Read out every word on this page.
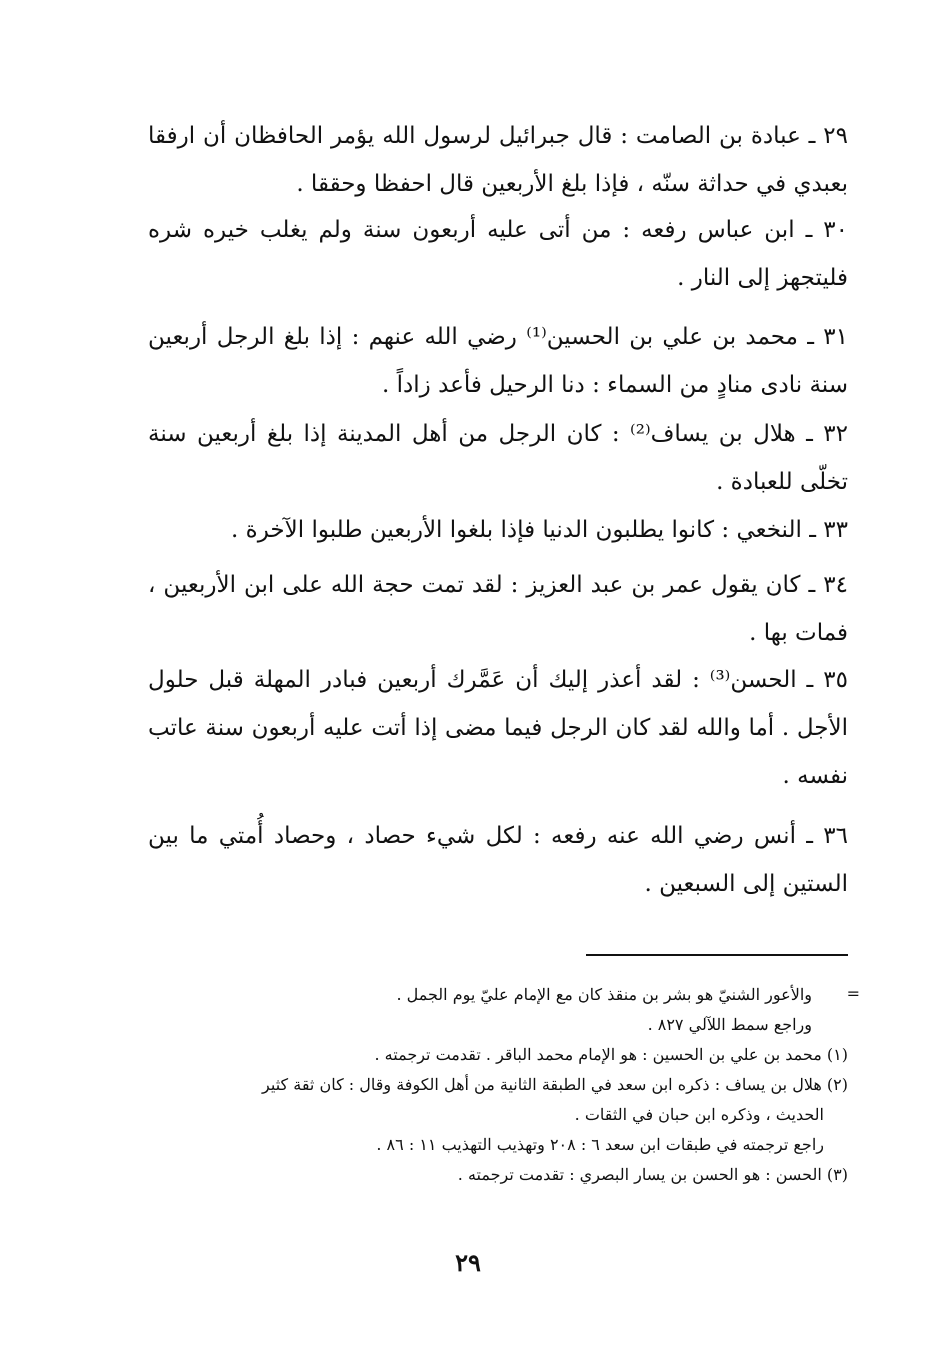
٢٩ ـ عبادة بن الصامت : قال جبرائيل لرسول الله يؤمر الحافظان أن ارفقا بعبدي في حداثة سنّه ، فإذا بلغ الأربعين قال احفظا وحققا .

٣٠ ـ ابن عباس رفعه : من أتى عليه أربعون سنة ولم يغلب خيره شره فليتجهز إلى النار .

٣١ ـ محمد بن علي بن الحسين⁽¹⁾ رضي الله عنهم : إذا بلغ الرجل أربعين سنة نادى منادٍ من السماء : دنا الرحيل فأعد زاداً .

٣٢ ـ هلال بن يساف⁽²⁾ : كان الرجل من أهل المدينة إذا بلغ أربعين سنة تخلّى للعبادة .

٣٣ ـ النخعي : كانوا يطلبون الدنيا فإذا بلغوا الأربعين طلبوا الآخرة .

٣٤ ـ كان يقول عمر بن عبد العزيز : لقد تمت حجة الله على ابن الأربعين ، فمات بها .

٣٥ ـ الحسن⁽³⁾ : لقد أعذر إليك أن عَمَّرك أربعين فبادر المهلة قبل حلول الأجل . أما والله لقد كان الرجل فيما مضى إذا أتت عليه أربعون سنة عاتب نفسه .

٣٦ ـ أنس رضي الله عنه رفعه : لكل شيء حصاد ، وحصاد أُمتي ما بين الستين إلى السبعين .

=

والأعور الشنيّ هو بشر بن منقذ كان مع الإمام عليّ يوم الجمل .

وراجع سمط اللآلي ٨٢٧ .

(١) محمد بن علي بن الحسين : هو الإمام محمد الباقر . تقدمت ترجمته .

(٢) هلال بن يساف : ذكره ابن سعد في الطبقة الثانية من أهل الكوفة وقال : كان ثقة كثير

الحديث ، وذكره ابن حبان في الثقات .

راجع ترجمته في طبقات ابن سعد ٦ : ٢٠٨ وتهذيب التهذيب ١١ : ٨٦ .

(٣) الحسن : هو الحسن بن يسار البصري : تقدمت ترجمته .

٢٩
